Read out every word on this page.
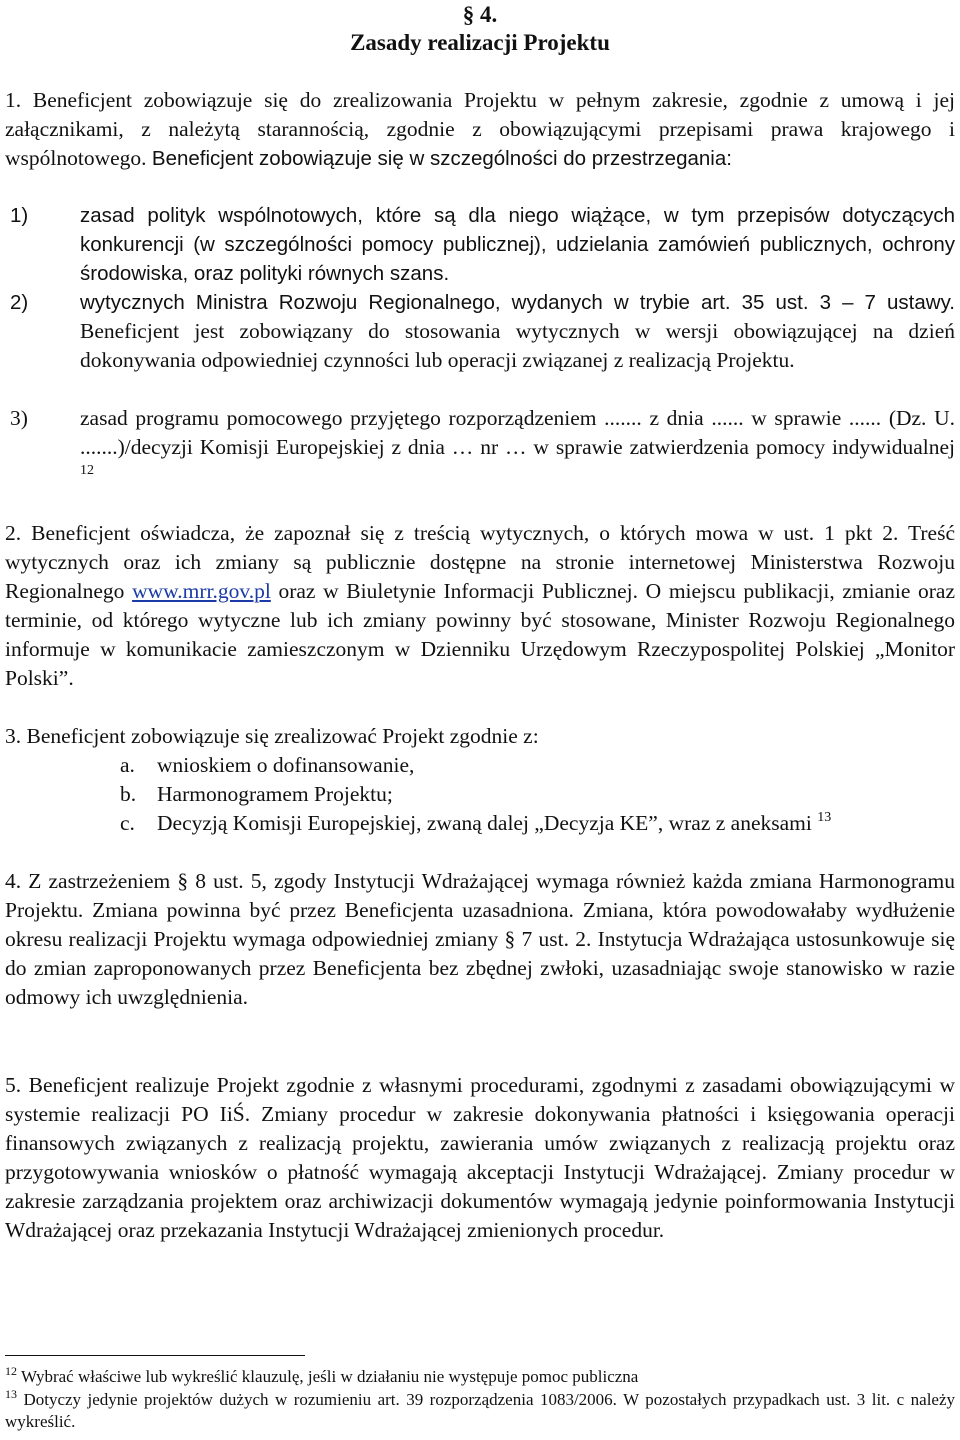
§ 4.
Zasady realizacji Projektu
1. Beneficjent zobowiązuje się do zrealizowania Projektu w pełnym zakresie, zgodnie z umową i jej załącznikami, z należytą starannością, zgodnie z obowiązującymi przepisami prawa krajowego i wspólnotowego. Beneficjent zobowiązuje się w szczególności do przestrzegania:
1)	zasad polityk wspólnotowych, które są dla niego wiążące, w tym przepisów dotyczących konkurencji (w szczególności pomocy publicznej), udzielania zamówień publicznych, ochrony środowiska, oraz polityki równych szans.
2)	wytycznych Ministra Rozwoju Regionalnego, wydanych w trybie art. 35 ust. 3 – 7 ustawy. Beneficjent jest zobowiązany do stosowania wytycznych w wersji obowiązującej na dzień dokonywania odpowiedniej czynności lub operacji związanej z realizacją Projektu.
3) zasad programu pomocowego przyjętego rozporządzeniem ....... z dnia ...... w sprawie ...... (Dz. U. .......)/decyzji Komisji Europejskiej z dnia … nr … w sprawie zatwierdzenia pomocy indywidualnej $^{12}$
2. Beneficjent oświadcza, że zapoznał się z treścią wytycznych, o których mowa w ust. 1 pkt 2. Treść wytycznych oraz ich zmiany są publicznie dostępne na stronie internetowej Ministerstwa Rozwoju Regionalnego www.mrr.gov.pl oraz w Biuletynie Informacji Publicznej. O miejscu publikacji, zmianie oraz terminie, od którego wytyczne lub ich zmiany powinny być stosowane, Minister Rozwoju Regionalnego informuje w komunikacie zamieszczonym w Dzienniku Urzędowym Rzeczypospolitej Polskiej „Monitor Polski”.
3. Beneficjent zobowiązuje się zrealizować Projekt zgodnie z:
a. wnioskiem o dofinansowanie,
b. Harmonogramem Projektu;
c. Decyzją Komisji Europejskiej, zwaną dalej „Decyzja KE”, wraz z aneksami $^{13}$
4. Z zastrzeżeniem § 8 ust. 5, zgody Instytucji Wdrażającej wymaga również każda zmiana Harmonogramu Projektu. Zmiana powinna być przez Beneficjenta uzasadniona. Zmiana, która powodowałaby wydłużenie okresu realizacji Projektu wymaga odpowiedniej zmiany § 7 ust. 2. Instytucja Wdrażająca ustosunkowuje się do zmian zaproponowanych przez Beneficjenta bez zbędnej zwłoki, uzasadniając swoje stanowisko w razie odmowy ich uwzględnienia.
5. Beneficjent realizuje Projekt zgodnie z własnymi procedurami, zgodnymi z zasadami obowiązującymi w systemie realizacji PO IiŚ. Zmiany procedur w zakresie dokonywania płatności i księgowania operacji finansowych związanych z realizacją projektu, zawierania umów związanych z realizacją projektu oraz przygotowywania wniosków o płatność wymagają akceptacji Instytucji Wdrażającej. Zmiany procedur w zakresie zarządzania projektem oraz archiwizacji dokumentów wymagają jedynie poinformowania Instytucji Wdrażającej oraz przekazania Instytucji Wdrażającej zmienionych procedur.
$^{12}$ Wybrać właściwe lub wykreślić klauzulę, jeśli w działaniu nie występuje pomoc publiczna
$^{13}$ Dotyczy jedynie projektów dużych w rozumieniu art. 39 rozporządzenia 1083/2006. W pozostałych przypadkach ust. 3 lit. c należy wykreślić.
